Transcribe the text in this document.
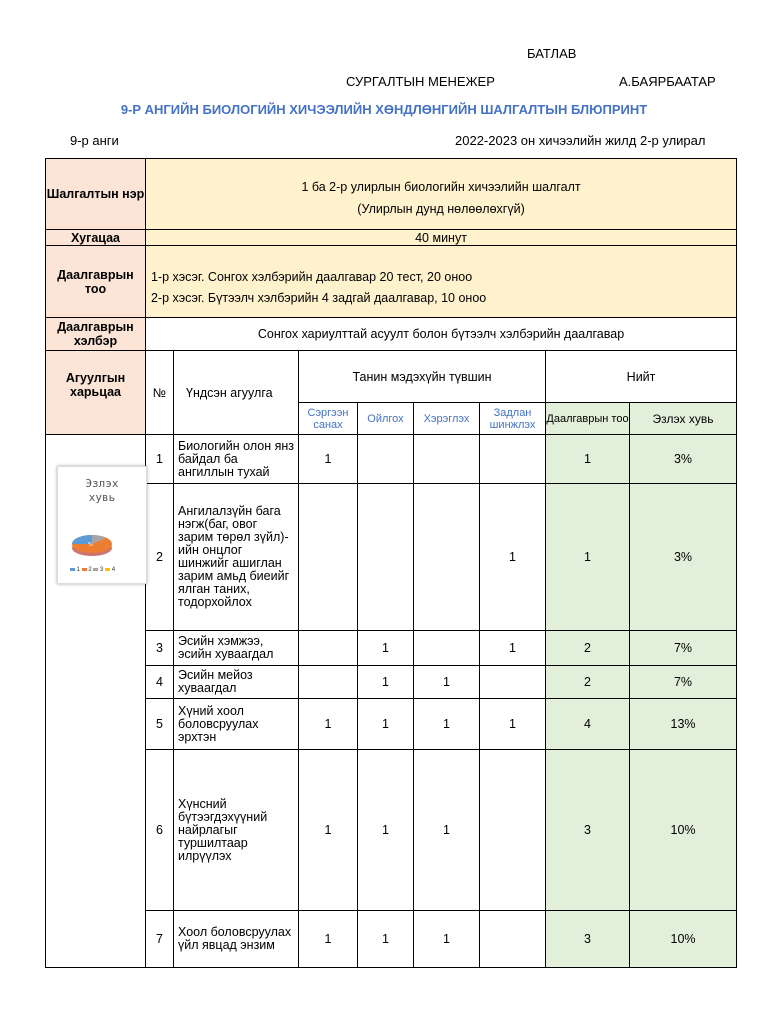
БАТЛАВ
СУРГАЛТЫН МЕНЕЖЕР	А.БАЯРБААТАР
9-Р АНГИЙН БИОЛОГИЙН ХИЧЭЭЛИЙН ХӨНДЛӨНГИЙН ШАЛГАЛТЫН БЛЮПРИНТ
9-р анги	2022-2023 он хичээлийн жилд 2-р улирал
Шалгалтын нэр	1 ба 2-р улирлын биологийн хичээлийн шалгалт
(Улирлын дунд нөлөөлөхгүй)							

Хугацаа	40 минут							
Даалгаврын тоо	1-р хэсэг. Сонгох хэлбэрийн даалгавар 20 тест, 20 оноо
2-р хэсэг. Бүтээлч хэлбэрийн 4 задгай даалгавар, 10 оноо							

Даалгаврын хэлбэр	Сонгох хариулттай асуулт болон бүтээлч хэлбэрийн даалгавар							
Агуулгын харьцаа	№	Үндсэн агуулга	Танин мэдэхүйн түвшин				Нийт	
			Сэргээн санах	Ойлгох	Хэрэглэх	Задлан шинжлэх	Даалгаврын тоо	Эзлэх хувь
	1	Биологийн олон янз байдал ба ангиллын тухай	1				1	3%
	2	Ангилалзүйн бага нэгж(баг, овог зарим төрөл зүйл)-ийн онцлог шинжийг ашиглан зарим амьд биеийг ялган таних, тодорхойлох				1	1	3%
	3	Эсийн хэмжээ, эсийн хуваагдал		1		1	2	7%
	4	Эсийн мейоз хуваагдал		1	1		2	7%
	5	Хүний хоол боловсруулах эрхтэн	1	1	1	1	4	13%
	6	Хүнсний бүтээгдэхүүний найрлагыг туршилтаар илрүүлэх	1	1	1		3	10%
	7	Хоол боловсруулах үйл явцад энзим	1	1	1		3	10%
Эзлэх
хувь
%
1 2 3 4
